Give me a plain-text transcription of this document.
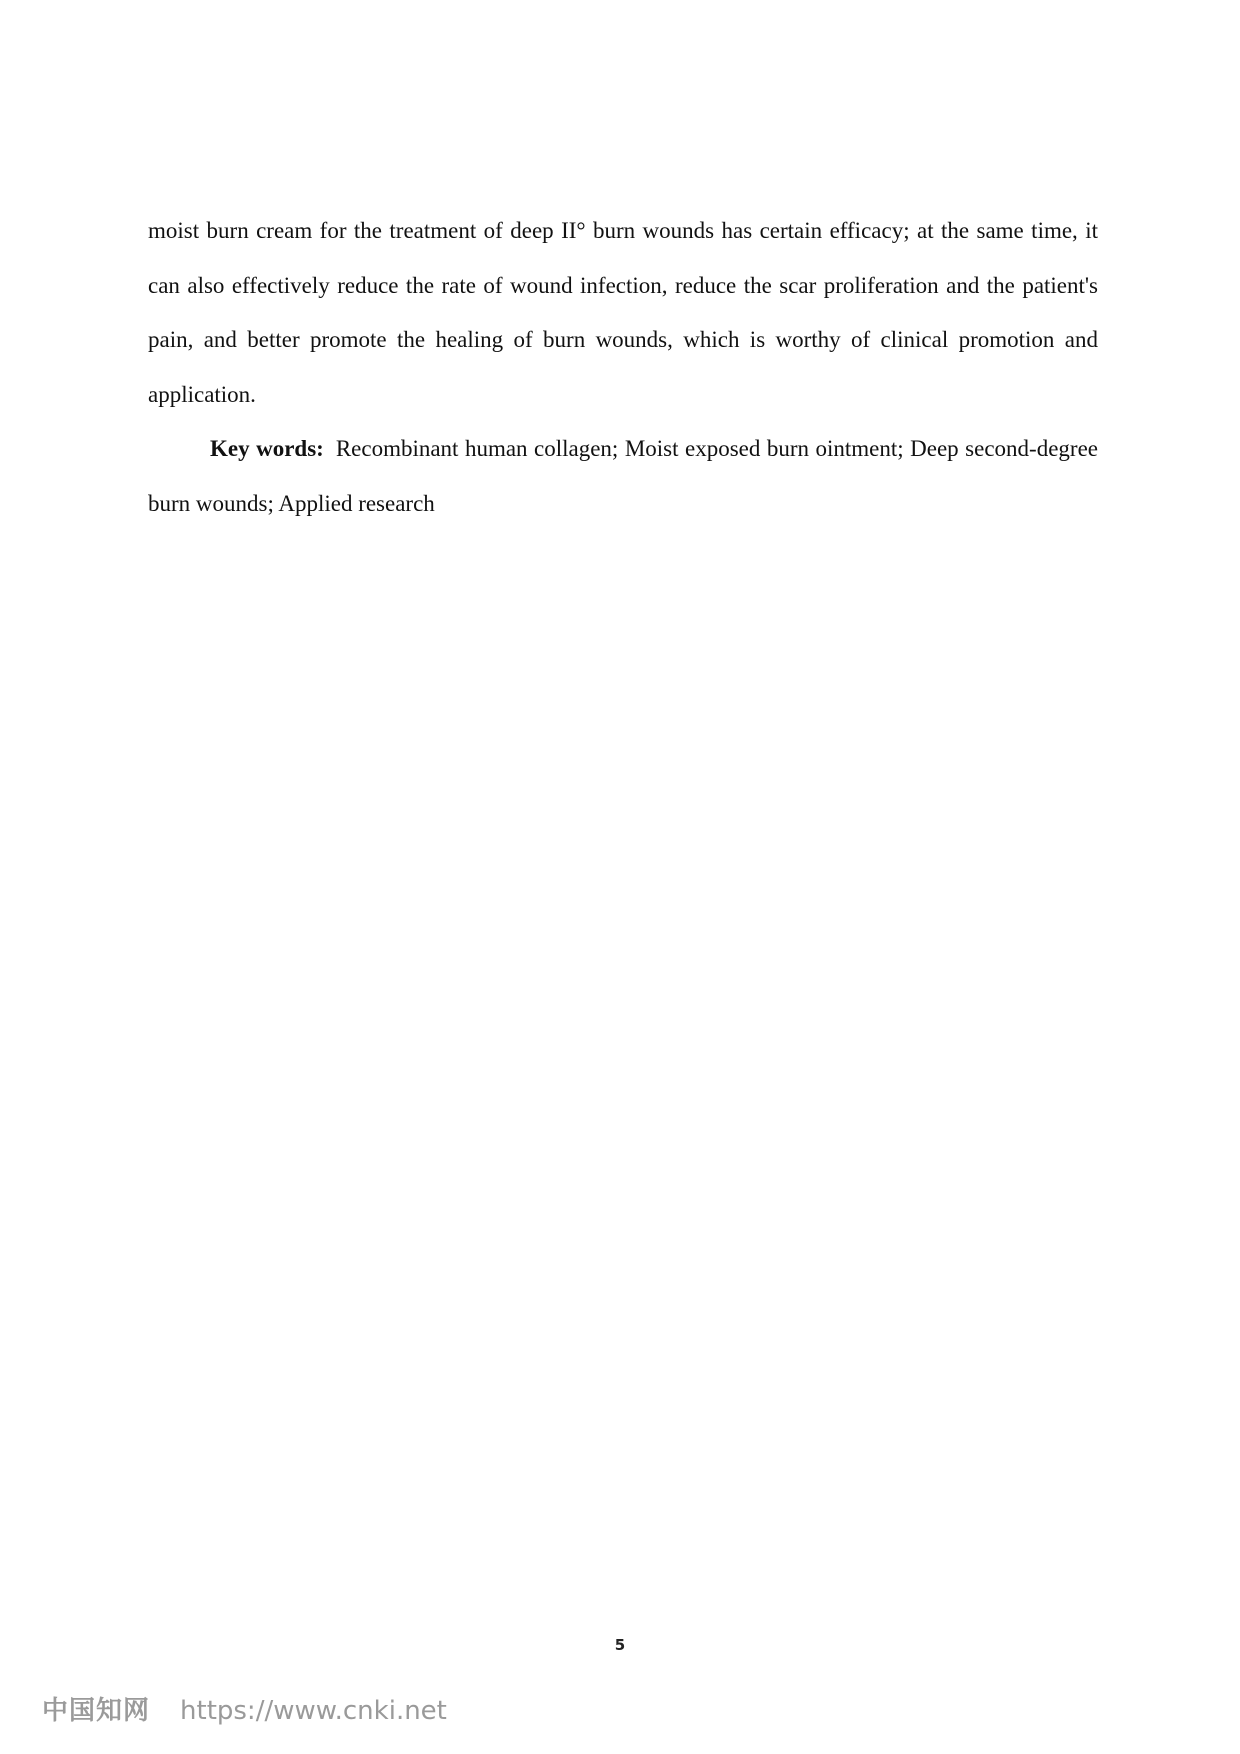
moist burn cream for the treatment of deep II° burn wounds has certain efficacy; at the same time, it can also effectively reduce the rate of wound infection, reduce the scar proliferation and the patient's pain, and better promote the healing of burn wounds, which is worthy of clinical promotion and application.

Key words: Recombinant human collagen; Moist exposed burn ointment; Deep second-degree burn wounds; Applied research

5
中国知网 https://www.cnki.net
